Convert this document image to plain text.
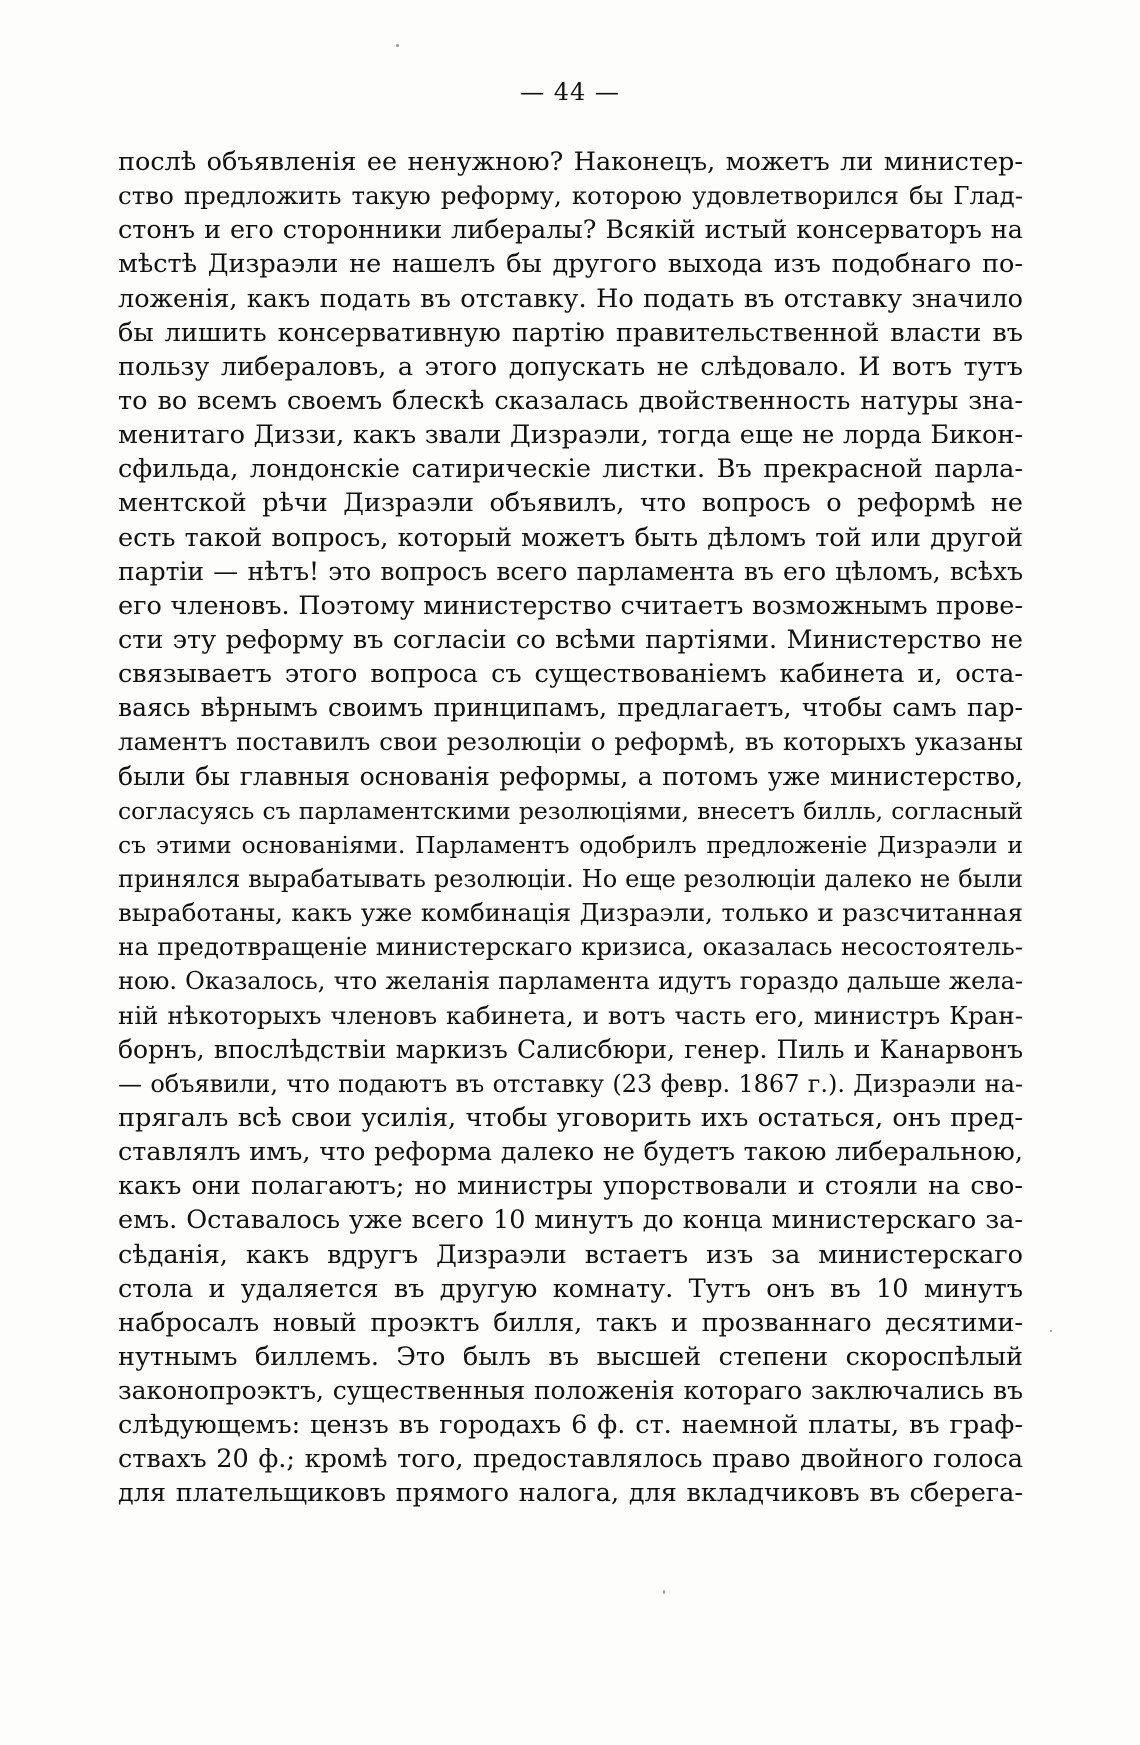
— 44 —
послѣ объявленія ее ненужною? Наконецъ, можетъ ли министер-
ство предложить такую реформу, которою удовлетворился бы Глад-
стонъ и его сторонники либералы? Всякій истый консерваторъ на
мѣстѣ Дизраэли не нашелъ бы другого выхода изъ подобнаго по-
ложенія, какъ подать въ отставку. Но подать въ отставку значило
бы лишить консервативную партію правительственной власти въ
пользу либераловъ, а этого допускать не слѣдовало. И вотъ тутъ
то во всемъ своемъ блескѣ сказалась двойственность натуры зна-
менитаго Диззи, какъ звали Дизраэли, тогда еще не лорда Бикон-
сфильда, лондонскіе сатирическіе листки. Въ прекрасной парла-
ментской рѣчи Дизраэли объявилъ, что вопросъ о реформѣ не
есть такой вопросъ, который можетъ быть дѣломъ той или другой
партіи — нѣтъ! это вопросъ всего парламента въ его цѣломъ, всѣхъ
его членовъ. Поэтому министерство считаетъ возможнымъ прове-
сти эту реформу въ согласіи со всѣми партіями. Министерство не
связываетъ этого вопроса съ существованіемъ кабинета и, оста-
ваясь вѣрнымъ своимъ принципамъ, предлагаетъ, чтобы самъ пар-
ламентъ поставилъ свои резолюціи о реформѣ, въ которыхъ указаны
были бы главныя основанія реформы, а потомъ уже министерство,
согласуясь съ парламентскими резолюціями, внесетъ билль, согласный
съ этими основаніями. Парламентъ одобрилъ предложеніе Дизраэли и
принялся вырабатывать резолюціи. Но еще резолюціи далеко не были
выработаны, какъ уже комбинація Дизраэли, только и разсчитанная
на предотвращеніе министерскаго кризиса, оказалась несостоятель-
ною. Оказалось, что желанія парламента идутъ гораздо дальше жела-
ній нѣкоторыхъ членовъ кабинета, и вотъ часть его, министръ Кран-
борнъ, впослѣдствіи маркизъ Салисбюри, генер. Пиль и Канарвонъ
— объявили, что подаютъ въ отставку (23 февр. 1867 г.). Дизраэли на-
прягалъ всѣ свои усилія, чтобы уговорить ихъ остаться, онъ пред-
ставлялъ имъ, что реформа далеко не будетъ такою либеральною,
какъ они полагаютъ; но министры упорствовали и стояли на сво-
емъ. Оставалось уже всего 10 минутъ до конца министерскаго за-
сѣданія, какъ вдругъ Дизраэли встаетъ изъ за министерскаго
стола и удаляется въ другую комнату. Тутъ онъ въ 10 минутъ
набросалъ новый проэктъ билля, такъ и прозваннаго десятими-
нутнымъ биллемъ. Это былъ въ высшей степени скороспѣлый
законопроэктъ, существенныя положенія котораго заключались въ
слѣдующемъ: цензъ въ городахъ 6 ф. ст. наемной платы, въ граф-
ствахъ 20 ф.; кромѣ того, предоставлялось право двойного голоса
для плательщиковъ прямого налога, для вкладчиковъ въ сберега-
